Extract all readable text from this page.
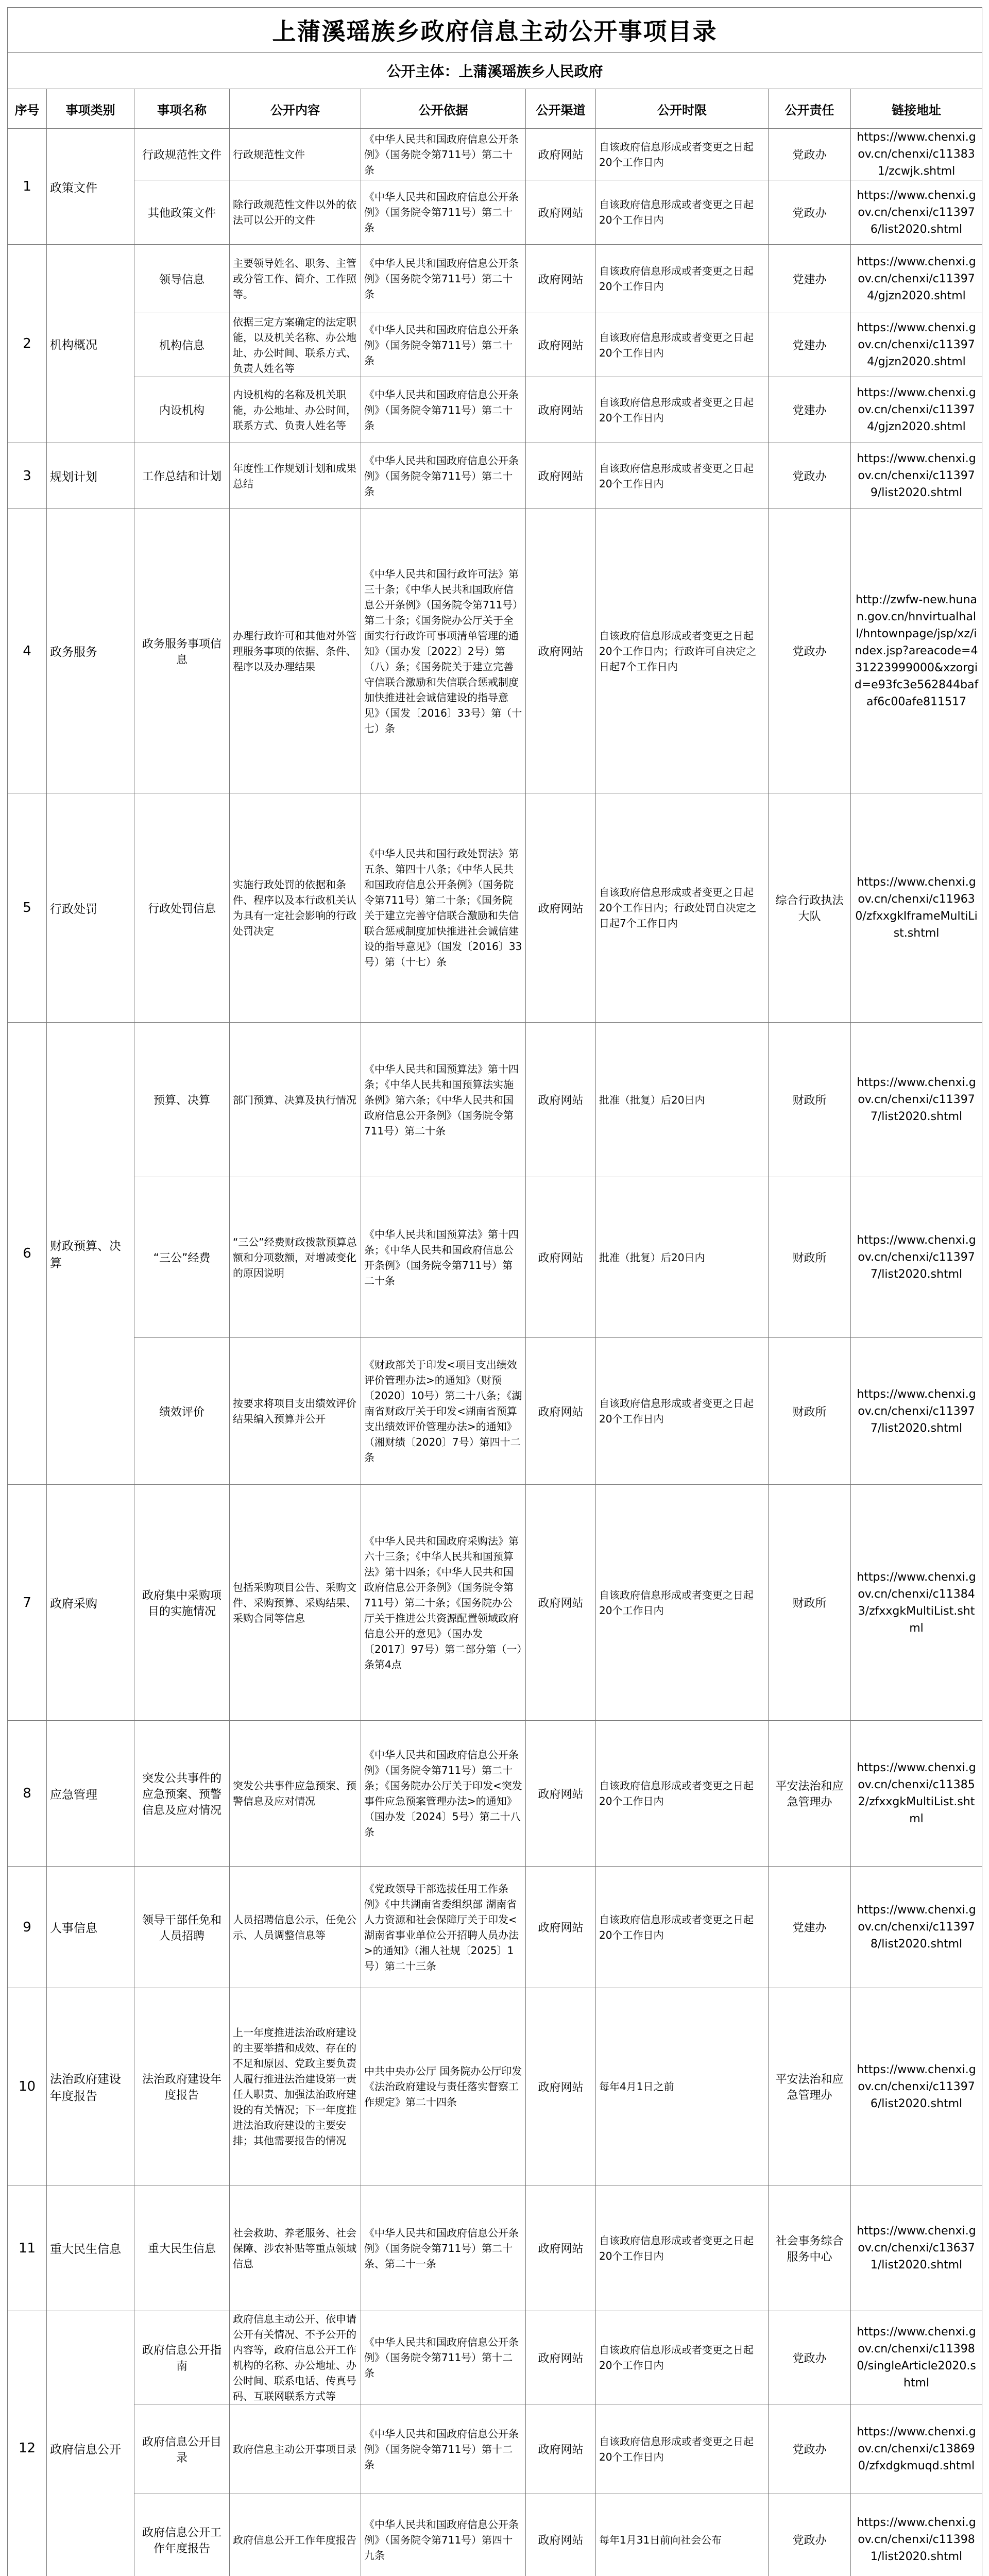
上蒲溪瑶族乡政府信息主动公开事项目录								
公开主体：上蒲溪瑶族乡人民政府								
序号	事项类别	事项名称	公开内容	公开依据	公开渠道	公开时限	公开责任	链接地址
1	政策文件	行政规范性文件	行政规范性文件	《中华人民共和国政府信息公开条例》（国务院令第711号）第二十条	政府网站	自该政府信息形成或者变更之日起20个工作日内	党政办	https://www.chenxi.gov.cn/chenxi/c113831/zcwjk.shtml
		其他政策文件	除行政规范性文件以外的依法可以公开的文件	《中华人民共和国政府信息公开条例》（国务院令第711号）第二十条	政府网站	自该政府信息形成或者变更之日起20个工作日内	党政办	https://www.chenxi.gov.cn/chenxi/c113976/list2020.shtml
2	机构概况	领导信息	主要领导姓名、职务、主管或分管工作、简介、工作照等。	《中华人民共和国政府信息公开条例》（国务院令第711号）第二十条	政府网站	自该政府信息形成或者变更之日起20个工作日内	党建办	https://www.chenxi.gov.cn/chenxi/c113974/gjzn2020.shtml
		机构信息	依据三定方案确定的法定职能，以及机关名称、办公地址、办公时间、联系方式、负责人姓名等	《中华人民共和国政府信息公开条例》（国务院令第711号）第二十条	政府网站	自该政府信息形成或者变更之日起20个工作日内	党建办	https://www.chenxi.gov.cn/chenxi/c113974/gjzn2020.shtml
		内设机构	内设机构的名称及机关职能，办公地址、办公时间，联系方式、负责人姓名等	《中华人民共和国政府信息公开条例》（国务院令第711号）第二十条	政府网站	自该政府信息形成或者变更之日起20个工作日内	党建办	https://www.chenxi.gov.cn/chenxi/c113974/gjzn2020.shtml
3	规划计划	工作总结和计划	年度性工作规划计划和成果总结	《中华人民共和国政府信息公开条例》（国务院令第711号）第二十条	政府网站	自该政府信息形成或者变更之日起20个工作日内	党政办	https://www.chenxi.gov.cn/chenxi/c113979/list2020.shtml
4	政务服务	政务服务事项信息	办理行政许可和其他对外管理服务事项的依据、条件、程序以及办理结果	《中华人民共和国行政许可法》第三十条；《中华人民共和国政府信息公开条例》（国务院令第711号）第二十条；《国务院办公厅关于全面实行行政许可事项清单管理的通知》（国办发〔2022〕2号）第（八）条；《国务院关于建立完善守信联合激励和失信联合惩戒制度加快推进社会诚信建设的指导意见》（国发〔2016〕33号）第（十七）条	政府网站	自该政府信息形成或者变更之日起20个工作日内；行政许可自决定之日起7个工作日内	党政办	http://zwfw-new.hunan.gov.cn/hnvirtualhall/hntownpage/jsp/xz/index.jsp?areacode=431223999000&xzorgid=e93fc3e562844bafaf6c00afe811517
5	行政处罚	行政处罚信息	实施行政处罚的依据和条件、程序以及本行政机关认为具有一定社会影响的行政处罚决定	《中华人民共和国行政处罚法》第五条、第四十八条；《中华人民共和国政府信息公开条例》（国务院令第711号）第二十条；《国务院关于建立完善守信联合激励和失信联合惩戒制度加快推进社会诚信建设的指导意见》（国发〔2016〕33号）第（十七）条	政府网站	自该政府信息形成或者变更之日起20个工作日内；行政处罚自决定之日起7个工作日内	综合行政执法大队	https://www.chenxi.gov.cn/chenxi/c119630/zfxxgkIframeMultiList.shtml
6	财政预算、决算	预算、决算	部门预算、决算及执行情况	《中华人民共和国预算法》第十四条；《中华人民共和国预算法实施条例》第六条；《中华人民共和国政府信息公开条例》（国务院令第711号）第二十条	政府网站	批准（批复）后20日内	财政所	https://www.chenxi.gov.cn/chenxi/c113977/list2020.shtml
		“三公”经费	“三公”经费财政拨款预算总额和分项数额，对增减变化的原因说明	《中华人民共和国预算法》第十四条；《中华人民共和国政府信息公开条例》（国务院令第711号）第二十条	政府网站	批准（批复）后20日内	财政所	https://www.chenxi.gov.cn/chenxi/c113977/list2020.shtml
		绩效评价	按要求将项目支出绩效评价结果编入预算并公开	《财政部关于印发<项目支出绩效评价管理办法>的通知》（财预〔2020〕10号）第二十八条；《湖南省财政厅关于印发<湖南省预算支出绩效评价管理办法>的通知》（湘财绩〔2020〕7号）第四十二条	政府网站	自该政府信息形成或者变更之日起20个工作日内	财政所	https://www.chenxi.gov.cn/chenxi/c113977/list2020.shtml
7	政府采购	政府集中采购项目的实施情况	包括采购项目公告、采购文件、采购预算、采购结果、采购合同等信息	《中华人民共和国政府采购法》第六十三条；《中华人民共和国预算法》第十四条；《中华人民共和国政府信息公开条例》（国务院令第711号）第二十条；《国务院办公厅关于推进公共资源配置领域政府信息公开的意见》（国办发〔2017〕97号）第二部分第（一）条第4点	政府网站	自该政府信息形成或者变更之日起20个工作日内	财政所	https://www.chenxi.gov.cn/chenxi/c113843/zfxxgkMultiList.shtml
8	应急管理	突发公共事件的应急预案、预警信息及应对情况	突发公共事件应急预案、预警信息及应对情况	《中华人民共和国政府信息公开条例》（国务院令第711号）第二十条；《国务院办公厅关于印发<突发事件应急预案管理办法>的通知》（国办发〔2024〕5号）第二十八条	政府网站	自该政府信息形成或者变更之日起20个工作日内	平安法治和应急管理办	https://www.chenxi.gov.cn/chenxi/c113852/zfxxgkMultiList.shtml
9	人事信息	领导干部任免和人员招聘	人员招聘信息公示，任免公示、人员调整信息等	《党政领导干部选拔任用工作条例》《中共湖南省委组织部 湖南省人力资源和社会保障厅关于印发<湖南省事业单位公开招聘人员办法>的通知》（湘人社规〔2025〕1号）第二十三条	政府网站	自该政府信息形成或者变更之日起20个工作日内	党建办	https://www.chenxi.gov.cn/chenxi/c113978/list2020.shtml
10	法治政府建设年度报告	法治政府建设年度报告	上一年度推进法治政府建设的主要举措和成效、存在的不足和原因、党政主要负责人履行推进法治建设第一责任人职责、加强法治政府建设的有关情况；下一年度推进法治政府建设的主要安排；其他需要报告的情况	中共中央办公厅 国务院办公厅印发《法治政府建设与责任落实督察工作规定》第二十四条	政府网站	每年4月1日之前	平安法治和应急管理办	https://www.chenxi.gov.cn/chenxi/c113976/list2020.shtml
11	重大民生信息	重大民生信息	社会救助、养老服务、社会保障、涉农补贴等重点领域信息	《中华人民共和国政府信息公开条例》（国务院令第711号）第二十条、第二十一条	政府网站	自该政府信息形成或者变更之日起20个工作日内	社会事务综合服务中心	https://www.chenxi.gov.cn/chenxi/c136371/list2020.shtml
12	政府信息公开	政府信息公开指南	政府信息主动公开、依申请公开有关情况、不予公开的内容等，政府信息公开工作机构的名称、办公地址、办公时间、联系电话、传真号码、互联网联系方式等	《中华人民共和国政府信息公开条例》（国务院令第711号）第十二条	政府网站	自该政府信息形成或者变更之日起20个工作日内	党政办	https://www.chenxi.gov.cn/chenxi/c113980/singleArticle2020.shtml
		政府信息公开目录	政府信息主动公开事项目录	《中华人民共和国政府信息公开条例》（国务院令第711号）第十二条	政府网站	自该政府信息形成或者变更之日起20个工作日内	党政办	https://www.chenxi.gov.cn/chenxi/c138690/zfxdgkmuqd.shtml
		政府信息公开工作年度报告	政府信息公开工作年度报告	《中华人民共和国政府信息公开条例》（国务院令第711号）第四十九条	政府网站	每年1月31日前向社会公布	党政办	https://www.chenxi.gov.cn/chenxi/c113981/list2020.shtml
